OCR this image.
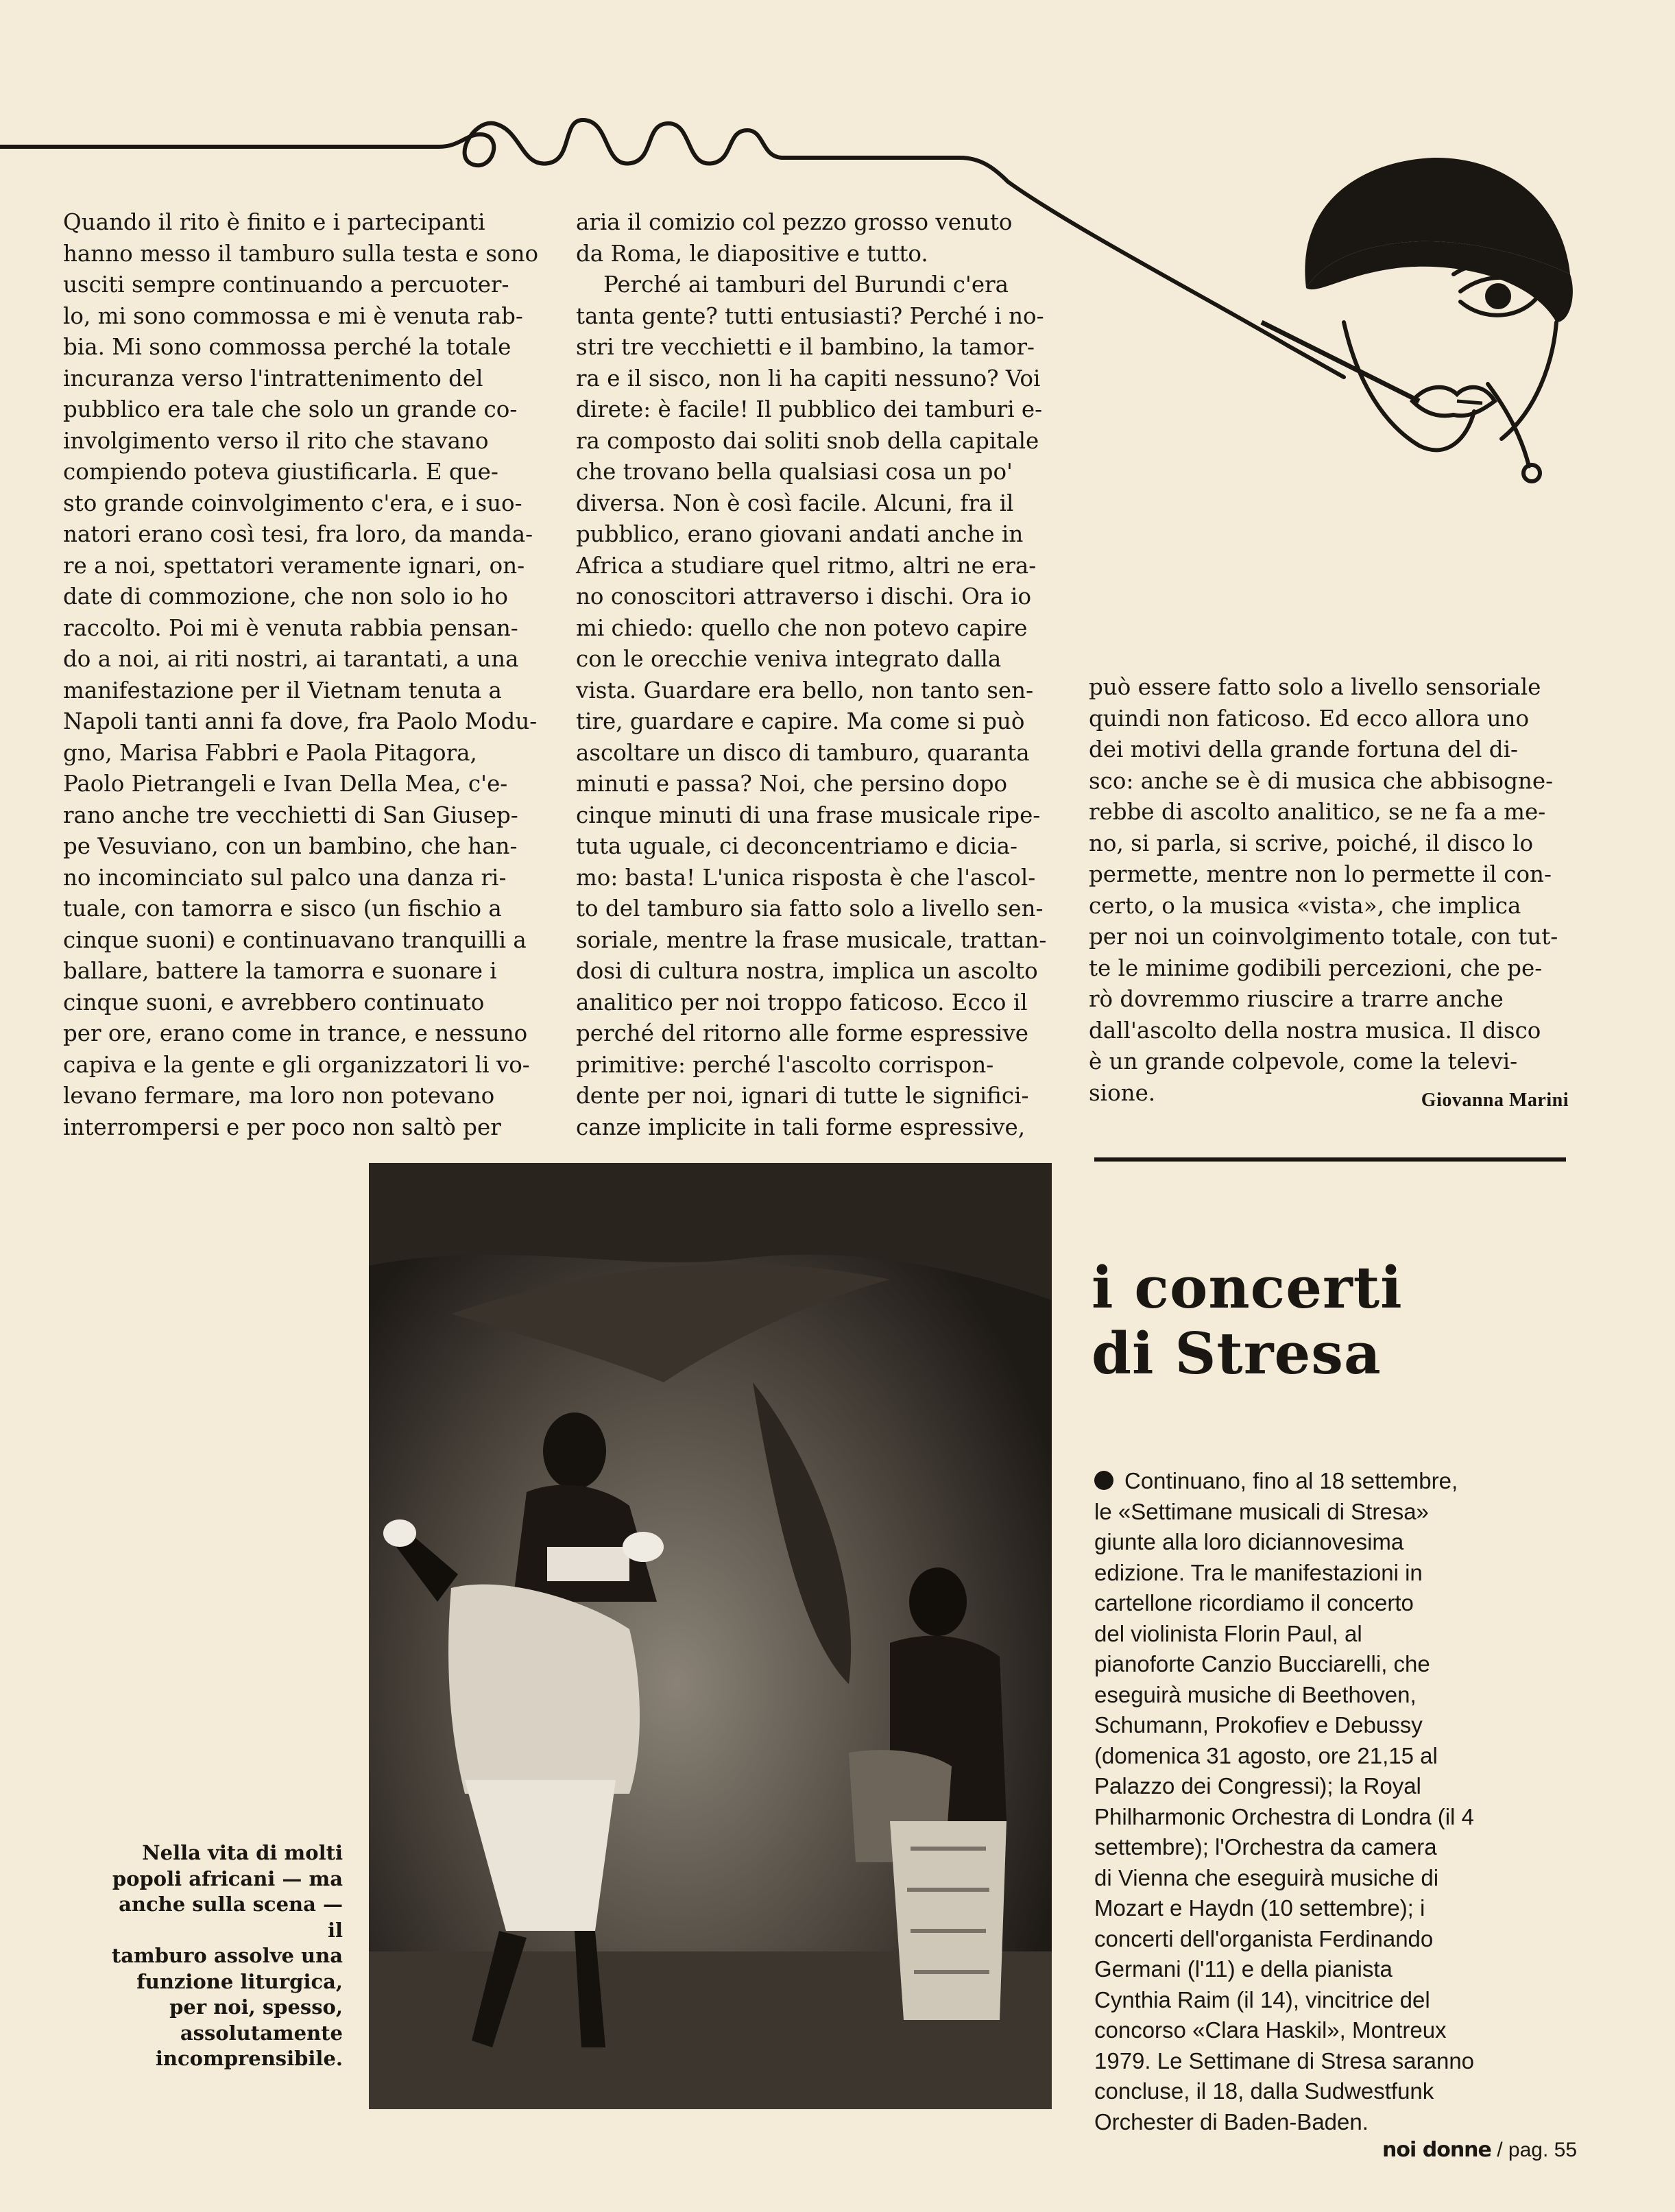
Quando il rito è finito e i partecipanti
hanno messo il tamburo sulla testa e sono
usciti sempre continuando a percuoter-
lo, mi sono commossa e mi è venuta rab-
bia. Mi sono commossa perché la totale
incuranza verso l'intrattenimento del
pubblico era tale che solo un grande co-
involgimento verso il rito che stavano
compiendo poteva giustificarla. E que-
sto grande coinvolgimento c'era, e i suo-
natori erano così tesi, fra loro, da manda-
re a noi, spettatori veramente ignari, on-
date di commozione, che non solo io ho
raccolto. Poi mi è venuta rabbia pensan-
do a noi, ai riti nostri, ai tarantati, a una
manifestazione per il Vietnam tenuta a
Napoli tanti anni fa dove, fra Paolo Modu-
gno, Marisa Fabbri e Paola Pitagora,
Paolo Pietrangeli e Ivan Della Mea, c'e-
rano anche tre vecchietti di San Giusep-
pe Vesuviano, con un bambino, che han-
no incominciato sul palco una danza ri-
tuale, con tamorra e sisco (un fischio a
cinque suoni) e continuavano tranquilli a
ballare, battere la tamorra e suonare i
cinque suoni, e avrebbero continuato
per ore, erano come in trance, e nessuno
capiva e la gente e gli organizzatori li vo-
levano fermare, ma loro non potevano
interrompersi e per poco non saltò per

aria il comizio col pezzo grosso venuto
da Roma, le diapositive e tutto.

Perché ai tamburi del Burundi c'era
tanta gente? tutti entusiasti? Perché i no-
stri tre vecchietti e il bambino, la tamor-
ra e il sisco, non li ha capiti nessuno? Voi
direte: è facile! Il pubblico dei tamburi e-
ra composto dai soliti snob della capitale
che trovano bella qualsiasi cosa un po'
diversa. Non è così facile. Alcuni, fra il
pubblico, erano giovani andati anche in
Africa a studiare quel ritmo, altri ne era-
no conoscitori attraverso i dischi. Ora io
mi chiedo: quello che non potevo capire
con le orecchie veniva integrato dalla
vista. Guardare era bello, non tanto sen-
tire, guardare e capire. Ma come si può
ascoltare un disco di tamburo, quaranta
minuti e passa? Noi, che persino dopo
cinque minuti di una frase musicale ripe-
tuta uguale, ci deconcentriamo e dicia-
mo: basta! L'unica risposta è che l'ascol-
to del tamburo sia fatto solo a livello sen-
soriale, mentre la frase musicale, trattan-
dosi di cultura nostra, implica un ascolto
analitico per noi troppo faticoso. Ecco il
perché del ritorno alle forme espressive
primitive: perché l'ascolto corrispon-
dente per noi, ignari di tutte le significi-
canze implicite in tali forme espressive,

può essere fatto solo a livello sensoriale
quindi non faticoso. Ed ecco allora uno
dei motivi della grande fortuna del di-
sco: anche se è di musica che abbisogne-
rebbe di ascolto analitico, se ne fa a me-
no, si parla, si scrive, poiché, il disco lo
permette, mentre non lo permette il con-
certo, o la musica «vista», che implica
per noi un coinvolgimento totale, con tut-
te le minime godibili percezioni, che pe-
rò dovremmo riuscire a trarre anche
dall'ascolto della nostra musica. Il disco
è un grande colpevole, come la televi-
sione.	Giovanna Marini
Nella vita di molti
popoli africani — ma
anche sulla scena — il
tamburo assolve una
funzione liturgica,
per noi, spesso,
assolutamente
incomprensibile.
i concerti
di Stresa
Continuano, fino al 18 settembre,
le «Settimane musicali di Stresa»
giunte alla loro diciannovesima
edizione. Tra le manifestazioni in
cartellone ricordiamo il concerto
del violinista Florin Paul, al
pianoforte Canzio Bucciarelli, che
eseguirà musiche di Beethoven,
Schumann, Prokofiev e Debussy
(domenica 31 agosto, ore 21,15 al
Palazzo dei Congressi); la Royal
Philharmonic Orchestra di Londra (il 4
settembre); l'Orchestra da camera
di Vienna che eseguirà musiche di
Mozart e Haydn (10 settembre); i
concerti dell'organista Ferdinando
Germani (l'11) e della pianista
Cynthia Raim (il 14), vincitrice del
concorso «Clara Haskil», Montreux
1979. Le Settimane di Stresa saranno
concluse, il 18, dalla Sudwestfunk
Orchester di Baden-Baden.
noi donne / pag. 55
